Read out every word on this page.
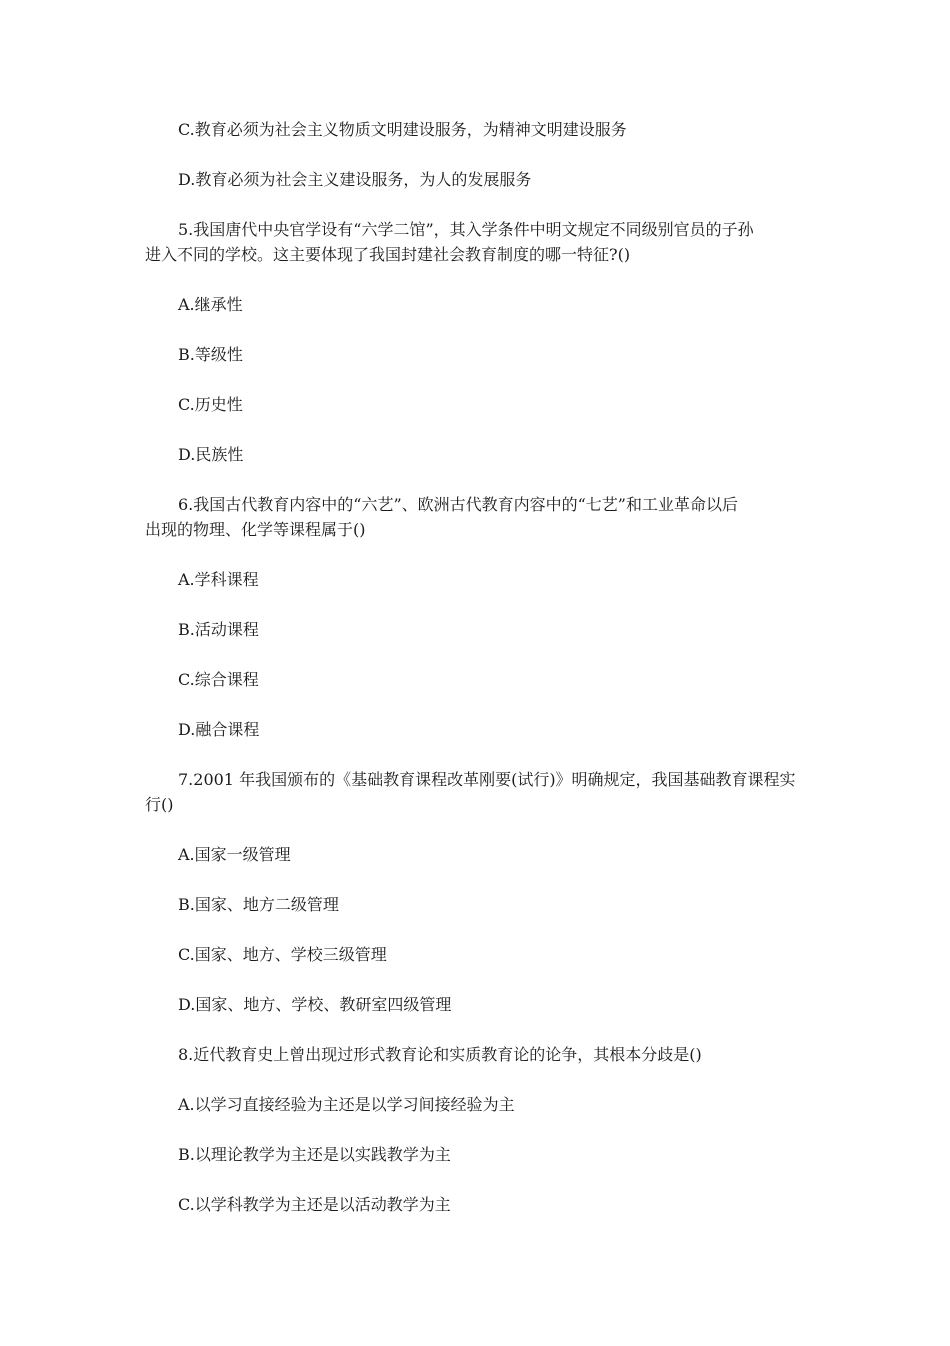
C.教育必须为社会主义物质文明建设服务，为精神文明建设服务
D.教育必须为社会主义建设服务，为人的发展服务
5.我国唐代中央官学设有“六学二馆”，其入学条件中明文规定不同级别官员的子孙
进入不同的学校。这主要体现了我国封建社会教育制度的哪一特征?()
A.继承性
B.等级性
C.历史性
D.民族性
6.我国古代教育内容中的“六艺”、欧洲古代教育内容中的“七艺”和工业革命以后
出现的物理、化学等课程属于()
A.学科课程
B.活动课程
C.综合课程
D.融合课程
7.2001 年我国颁布的《基础教育课程改革刚要(试行)》明确规定，我国基础教育课程实
行()
A.国家一级管理
B.国家、地方二级管理
C.国家、地方、学校三级管理
D.国家、地方、学校、教研室四级管理
8.近代教育史上曾出现过形式教育论和实质教育论的论争，其根本分歧是()
A.以学习直接经验为主还是以学习间接经验为主
B.以理论教学为主还是以实践教学为主
C.以学科教学为主还是以活动教学为主
